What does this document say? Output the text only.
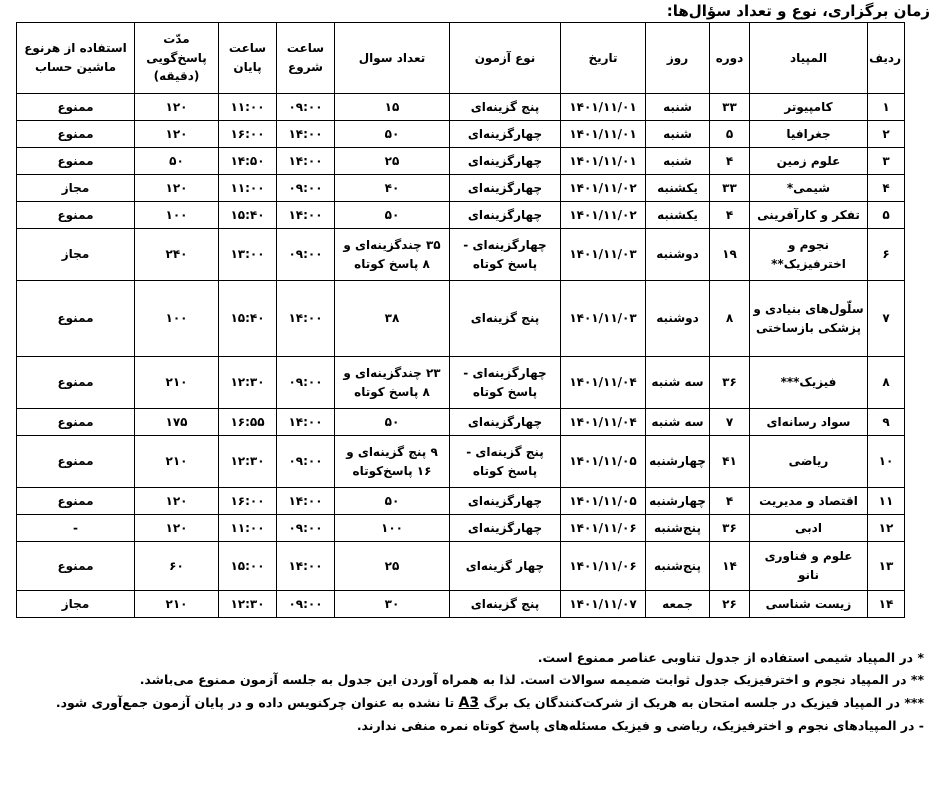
زمان برگزاری، نوع و تعداد سؤال‌ها:
ردیف	المپیاد	دوره	روز	تاریخ	نوع آزمون	تعداد سوال	ساعت شروع	ساعت پایان	مدّت پاسخ‌گویی (دقیقه)	استفاده از هرنوع ماشین حساب
۱	کامپیوتر	۳۳	شنبه	۱۴۰۱/۱۱/۰۱	پنج گزینه‌ای	۱۵	۰۹:۰۰	۱۱:۰۰	۱۲۰	ممنوع
۲	جغرافیا	۵	شنبه	۱۴۰۱/۱۱/۰۱	چهارگزینه‌ای	۵۰	۱۴:۰۰	۱۶:۰۰	۱۲۰	ممنوع
۳	علوم زمین	۴	شنبه	۱۴۰۱/۱۱/۰۱	چهارگزینه‌ای	۲۵	۱۴:۰۰	۱۴:۵۰	۵۰	ممنوع
۴	شیمی*	۳۳	یکشنبه	۱۴۰۱/۱۱/۰۲	چهارگزینه‌ای	۴۰	۰۹:۰۰	۱۱:۰۰	۱۲۰	مجاز
۵	تفکر و کارآفرینی	۴	یکشنبه	۱۴۰۱/۱۱/۰۲	چهارگزینه‌ای	۵۰	۱۴:۰۰	۱۵:۴۰	۱۰۰	ممنوع
۶	نجوم و اخترفیزیک**	۱۹	دوشنبه	۱۴۰۱/۱۱/۰۳	چهارگزینه‌ای - پاسخ کوتاه	۳۵ چندگزینه‌ای و ۸ پاسخ کوتاه	۰۹:۰۰	۱۳:۰۰	۲۴۰	مجاز
۷	سلّول‌های بنیادی و پزشکی بازساختی	۸	دوشنبه	۱۴۰۱/۱۱/۰۳	پنج گزینه‌ای	۳۸	۱۴:۰۰	۱۵:۴۰	۱۰۰	ممنوع
۸	فیزیک***	۳۶	سه شنبه	۱۴۰۱/۱۱/۰۴	چهارگزینه‌ای - پاسخ کوتاه	۲۳ چندگزینه‌ای و ۸ پاسخ کوتاه	۰۹:۰۰	۱۲:۳۰	۲۱۰	ممنوع
۹	سواد رسانه‌ای	۷	سه شنبه	۱۴۰۱/۱۱/۰۴	چهارگزینه‌ای	۵۰	۱۴:۰۰	۱۶:۵۵	۱۷۵	ممنوع
۱۰	ریاضی	۴۱	چهارشنبه	۱۴۰۱/۱۱/۰۵	پنج گزینه‌ای - پاسخ کوتاه	۹ پنج گزینه‌ای و ۱۶ پاسخ‌کوتاه	۰۹:۰۰	۱۲:۳۰	۲۱۰	ممنوع
۱۱	اقتصاد و مدیریت	۴	چهارشنبه	۱۴۰۱/۱۱/۰۵	چهارگزینه‌ای	۵۰	۱۴:۰۰	۱۶:۰۰	۱۲۰	ممنوع
۱۲	ادبی	۳۶	پنج‌شنبه	۱۴۰۱/۱۱/۰۶	چهارگزینه‌ای	۱۰۰	۰۹:۰۰	۱۱:۰۰	۱۲۰	-
۱۳	علوم و فناوری نانو	۱۴	پنج‌شنبه	۱۴۰۱/۱۱/۰۶	چهار گزینه‌ای	۲۵	۱۴:۰۰	۱۵:۰۰	۶۰	ممنوع
۱۴	زیست شناسی	۲۶	جمعه	۱۴۰۱/۱۱/۰۷	پنج گزینه‌ای	۳۰	۰۹:۰۰	۱۲:۳۰	۲۱۰	مجاز

* در المپیاد شیمی استفاده از جدول تناوبی عناصر ممنوع است.

** در المپیاد نجوم و اخترفیزیک جدول ثوابت ضمیمه سوالات است. لذا به همراه آوردن این جدول به جلسه آزمون ممنوع می‌باشد.

*** در المپیاد فیزیک در جلسه امتحان به هریک از شرکت‌کنندگان یک برگ A3 تا نشده به عنوان چرکنویس داده و در پایان آزمون جمع‌آوری شود.

- در المپیادهای نجوم و اخترفیزیک، ریاضی و فیزیک مسئله‌های پاسخ کوتاه نمره منفی ندارند.
